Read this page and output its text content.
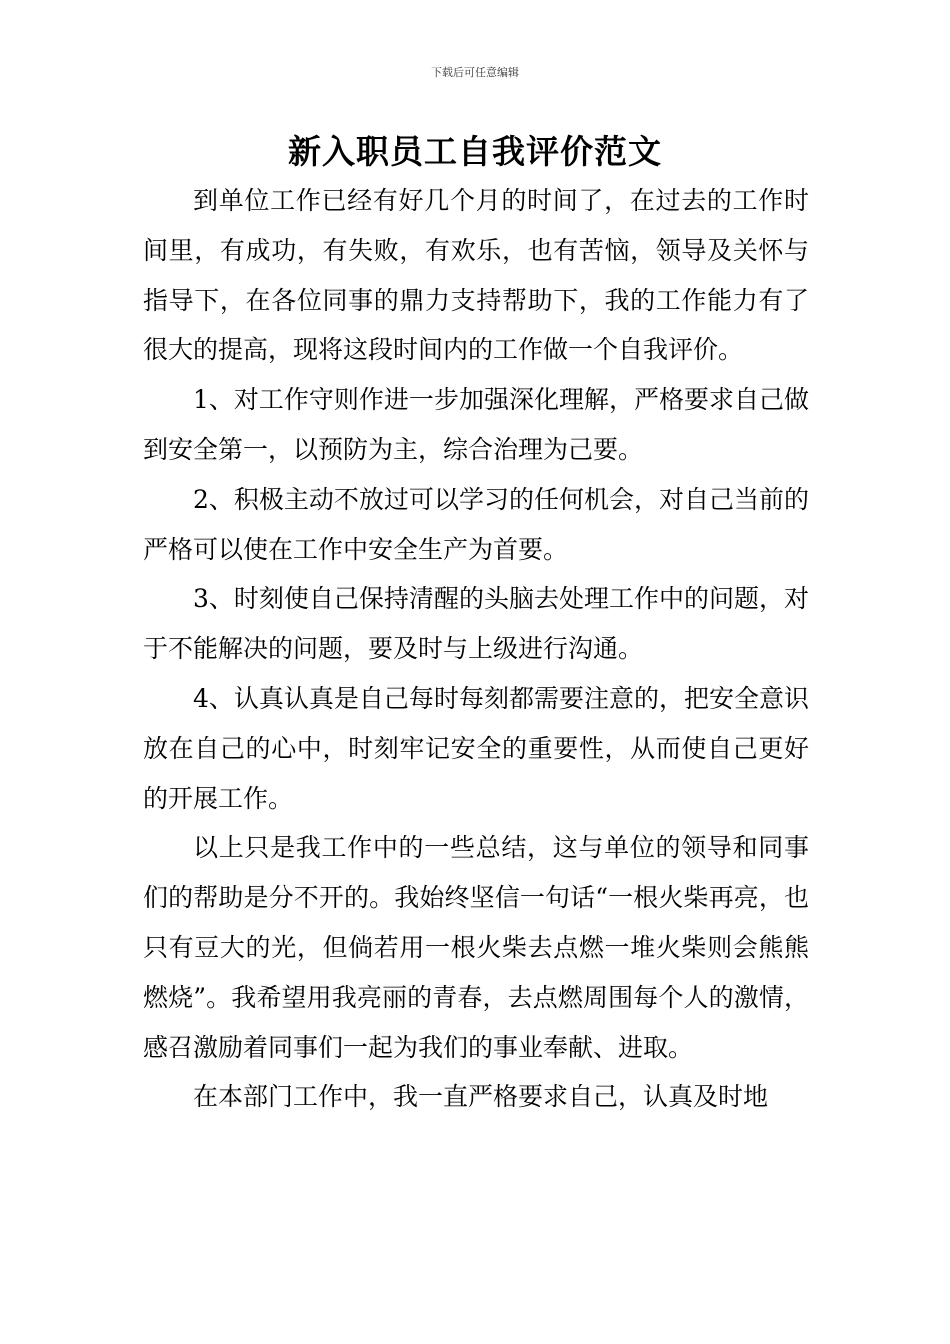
下载后可任意编辑
新入职员工自我评价范文

到单位工作已经有好几个月的时间了，在过去的工作时间里，有成功，有失败，有欢乐，也有苦恼，领导及关怀与指导下，在各位同事的鼎力支持帮助下，我的工作能力有了很大的提高，现将这段时间内的工作做一个自我评价。

1、对工作守则作进一步加强深化理解，严格要求自己做到安全第一，以预防为主，综合治理为己要。

2、积极主动不放过可以学习的任何机会，对自己当前的严格可以使在工作中安全生产为首要。

3、时刻使自己保持清醒的头脑去处理工作中的问题，对于不能解决的问题，要及时与上级进行沟通。

4、认真认真是自己每时每刻都需要注意的，把安全意识放在自己的心中，时刻牢记安全的重要性，从而使自己更好的开展工作。

以上只是我工作中的一些总结，这与单位的领导和同事们的帮助是分不开的。我始终坚信一句话“一根火柴再亮，也只有豆大的光，但倘若用一根火柴去点燃一堆火柴则会熊熊燃烧”。我希望用我亮丽的青春，去点燃周围每个人的激情，感召激励着同事们一起为我们的事业奉献、进取。

在本部门工作中，我一直严格要求自己，认真及时地
